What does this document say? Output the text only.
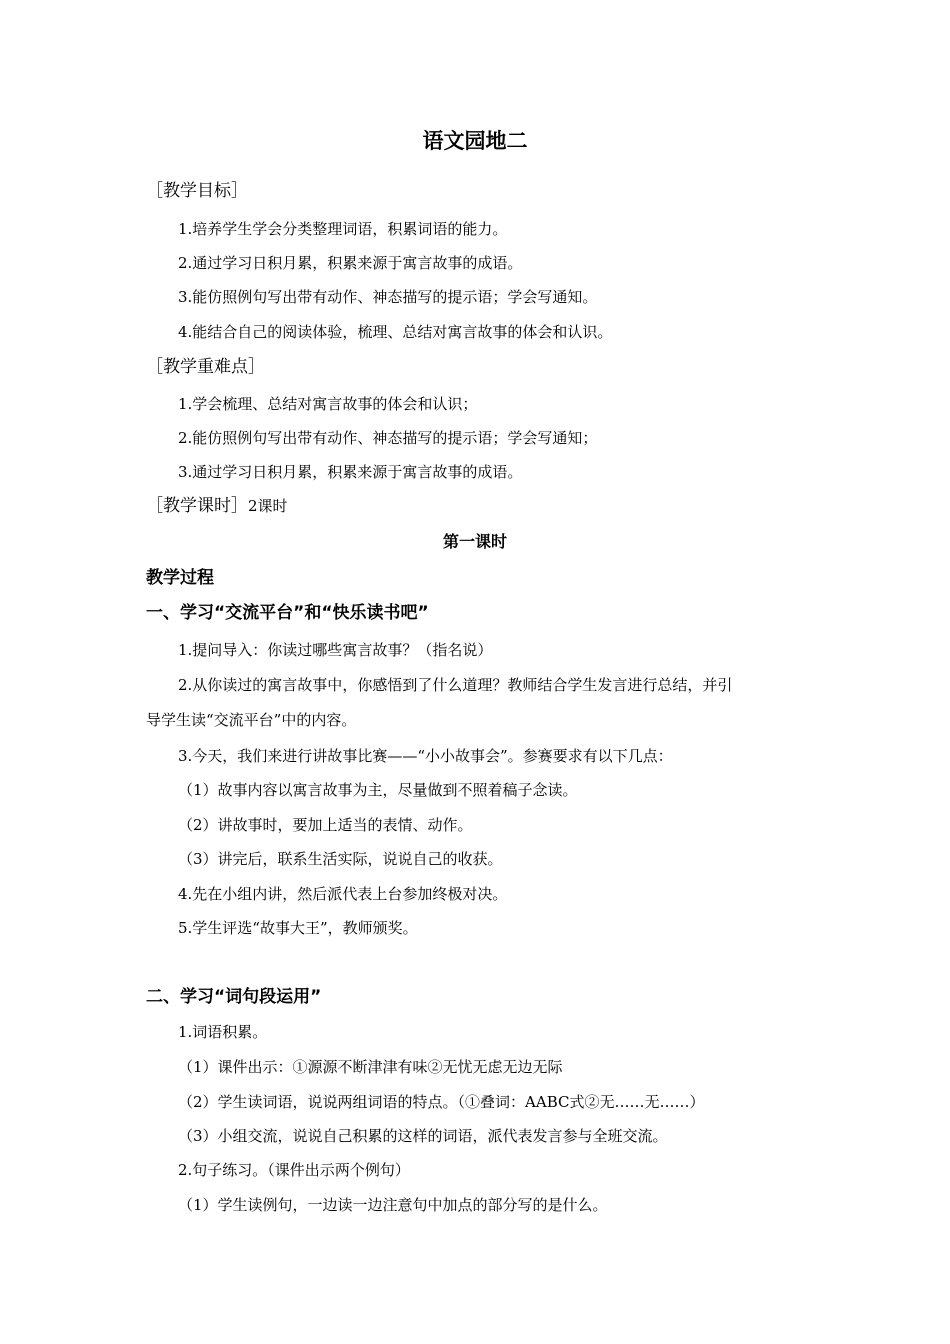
语文园地二
［教学目标］
1.培养学生学会分类整理词语，积累词语的能力。
2.通过学习日积月累，积累来源于寓言故事的成语。
3.能仿照例句写出带有动作、神态描写的提示语；学会写通知。
4.能结合自己的阅读体验，梳理、总结对寓言故事的体会和认识。
［教学重难点］
1.学会梳理、总结对寓言故事的体会和认识；
2.能仿照例句写出带有动作、神态描写的提示语；学会写通知；
3.通过学习日积月累，积累来源于寓言故事的成语。
［教学课时］2课时
第一课时
教学过程
一、学习“交流平台”和“快乐读书吧”
1.提问导入：你读过哪些寓言故事？（指名说）
2.从你读过的寓言故事中，你感悟到了什么道理？教师结合学生发言进行总结，并引
导学生读“交流平台”中的内容。
3.今天，我们来进行讲故事比赛——“小小故事会”。参赛要求有以下几点：
（1）故事内容以寓言故事为主，尽量做到不照着稿子念读。
（2）讲故事时，要加上适当的表情、动作。
（3）讲完后，联系生活实际，说说自己的收获。
4.先在小组内讲，然后派代表上台参加终极对决。
5.学生评选“故事大王”，教师颁奖。
二、学习“词句段运用”
1.词语积累。
（1）课件出示：①源源不断津津有味②无忧无虑无边无际
（2）学生读词语，说说两组词语的特点。（①叠词：AABC式②无……无……）
（3）小组交流，说说自己积累的这样的词语，派代表发言参与全班交流。
2.句子练习。（课件出示两个例句）
（1）学生读例句，一边读一边注意句中加点的部分写的是什么。
